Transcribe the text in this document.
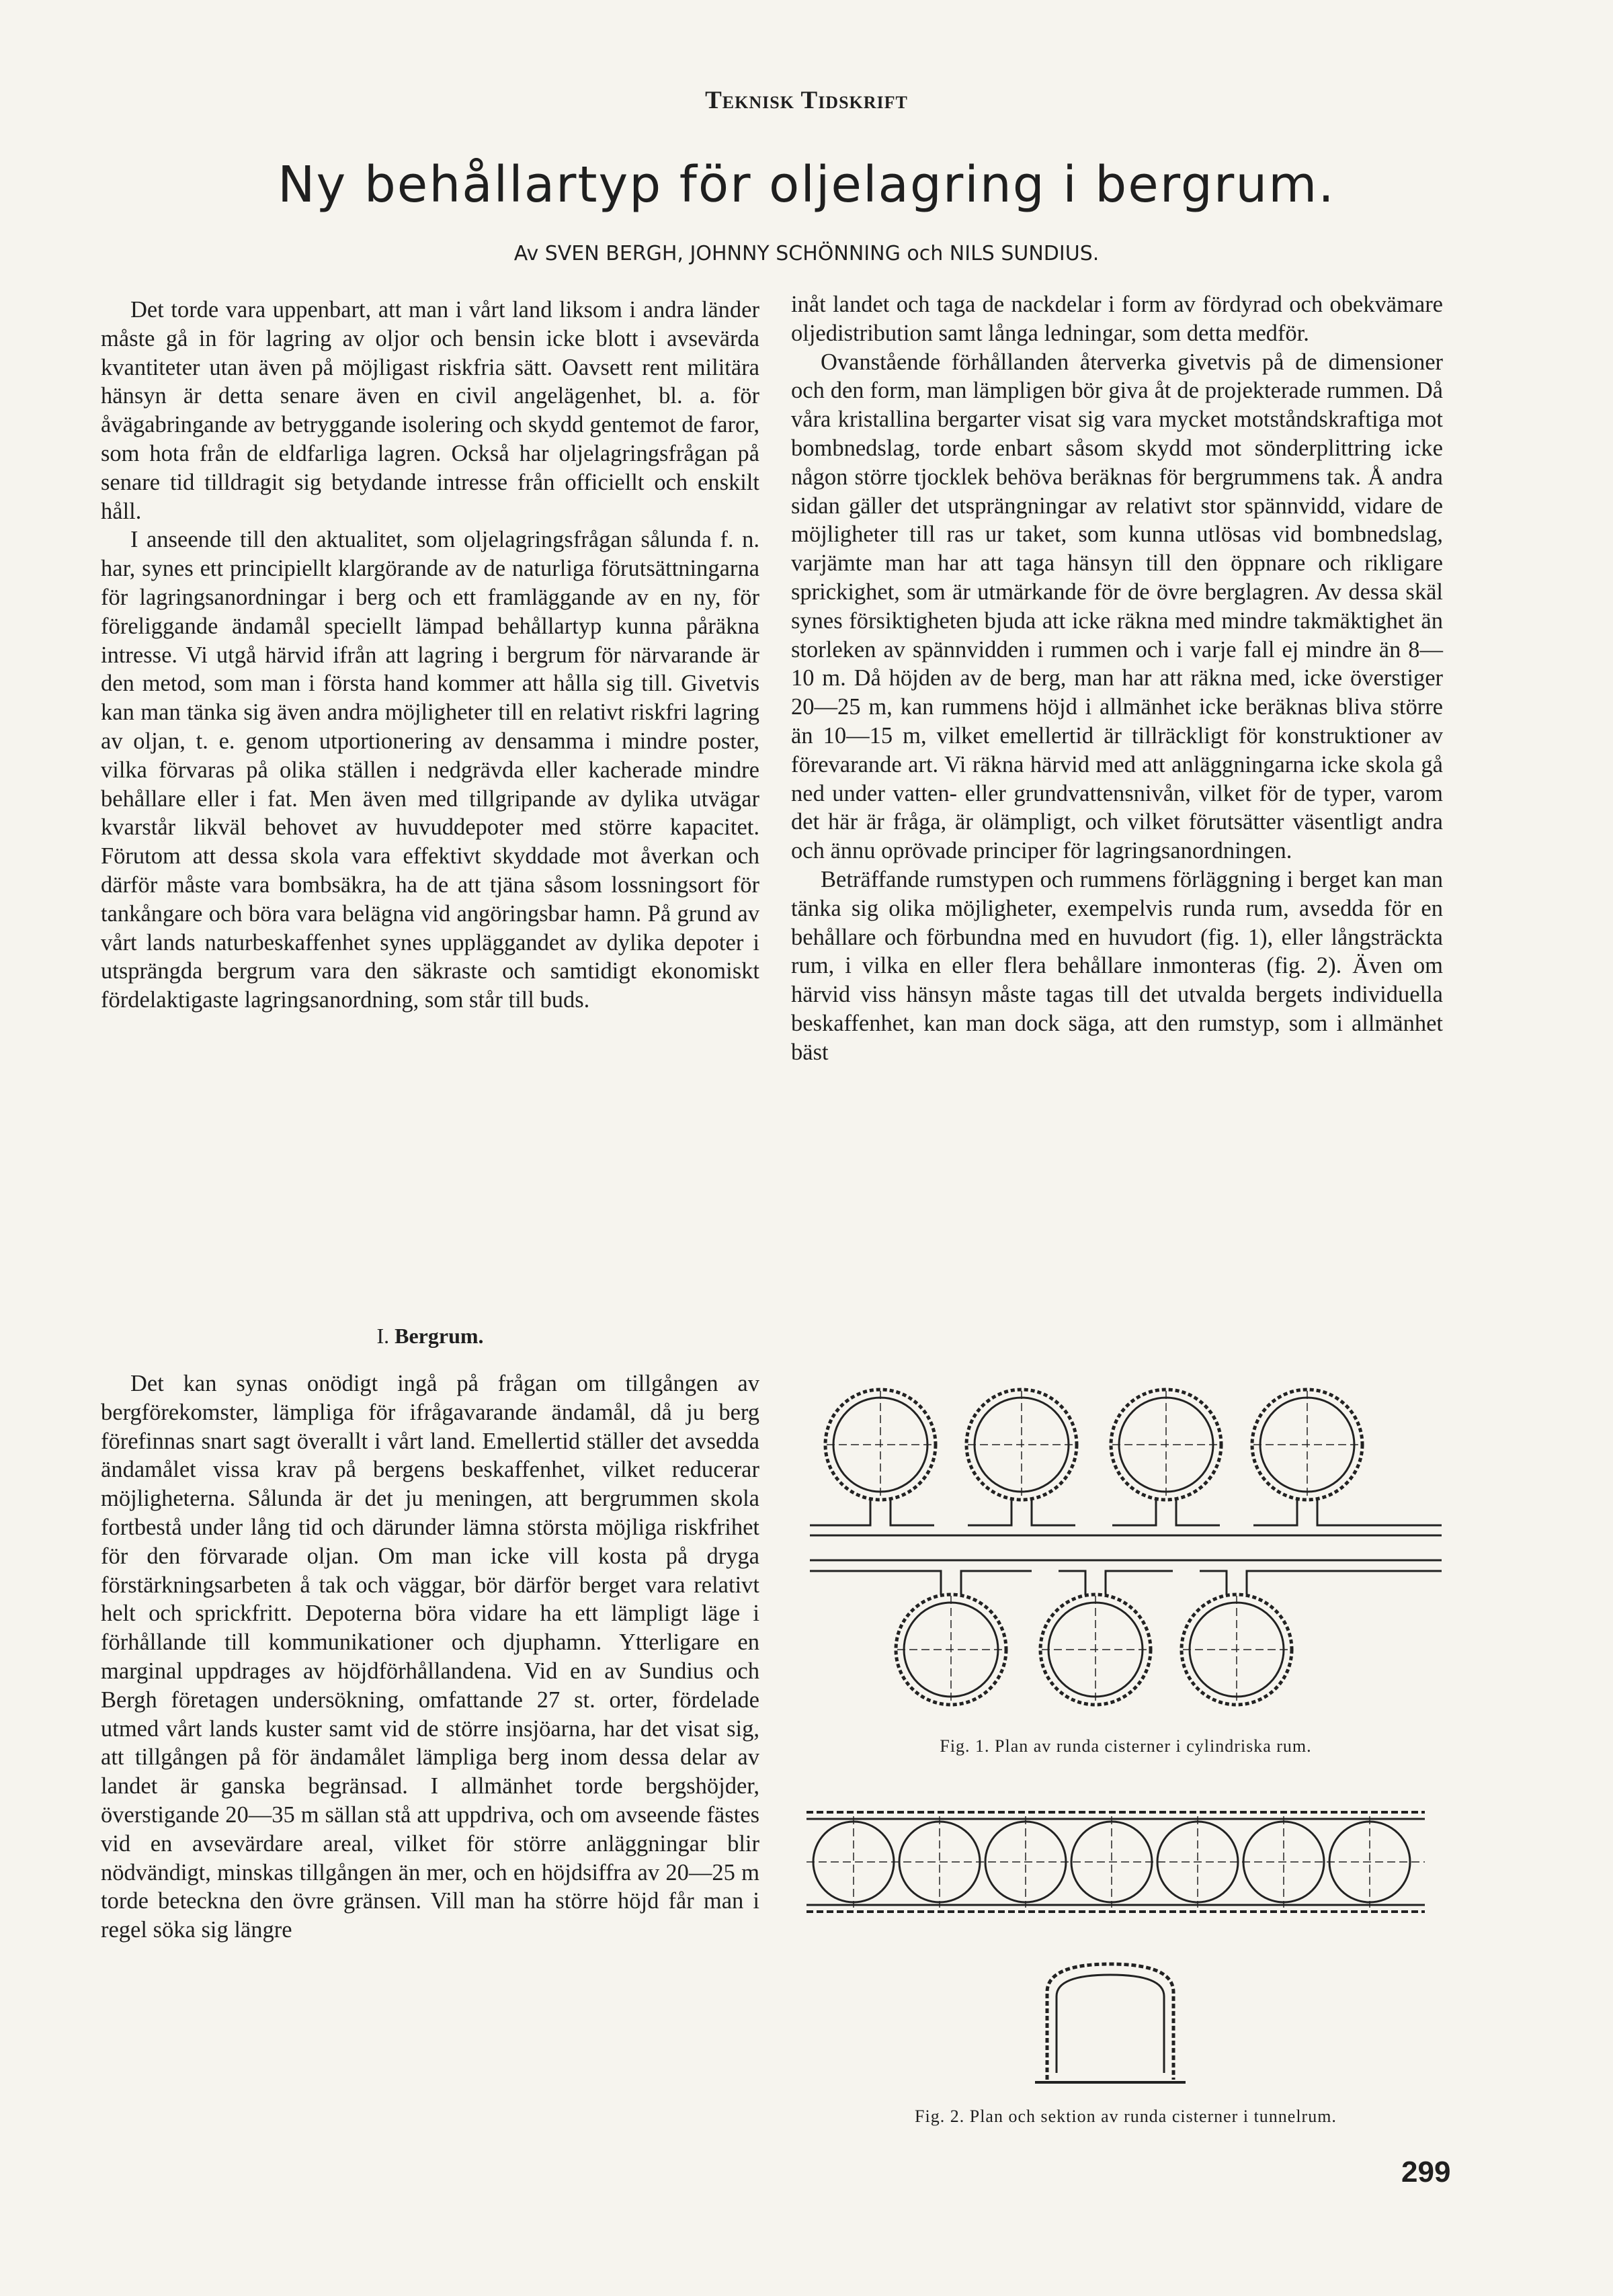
Teknisk Tidskrift
Ny behållartyp för oljelagring i bergrum.
Av SVEN BERGH, JOHNNY SCHÖNNING och NILS SUNDIUS.

Det torde vara uppenbart, att man i vårt land liksom i andra länder måste gå in för lagring av oljor och bensin icke blott i avsevärda kvantiteter utan även på möjligast riskfria sätt. Oavsett rent militära hänsyn är detta senare även en civil angelägenhet, bl. a. för åvägabringande av betryggande isolering och skydd gentemot de faror, som hota från de eldfarliga lagren. Också har oljelagringsfrågan på senare tid tilldragit sig betydande intresse från officiellt och enskilt håll.

I anseende till den aktualitet, som oljelagringsfrågan sålunda f. n. har, synes ett principiellt klargörande av de naturliga förutsättningarna för lagringsanordningar i berg och ett framläggande av en ny, för föreliggande ändamål speciellt lämpad behållartyp kunna påräkna intresse. Vi utgå härvid ifrån att lagring i bergrum för närvarande är den metod, som man i första hand kommer att hålla sig till. Givetvis kan man tänka sig även andra möjligheter till en relativt riskfri lagring av oljan, t. e. genom utportionering av densamma i mindre poster, vilka förvaras på olika ställen i nedgrävda eller kacherade mindre behållare eller i fat. Men även med tillgripande av dylika utvägar kvarstår likväl behovet av huvuddepoter med större kapacitet. Förutom att dessa skola vara effektivt skyddade mot åverkan och därför måste vara bombsäkra, ha de att tjäna såsom lossningsort för tankångare och böra vara belägna vid angöringsbar hamn. På grund av vårt lands naturbeskaffenhet synes uppläggandet av dylika depoter i utsprängda bergrum vara den säkraste och samtidigt ekonomiskt fördelaktigaste lagringsanordning, som står till buds.

I. Bergrum.

Det kan synas onödigt ingå på frågan om tillgången av bergförekomster, lämpliga för ifrågavarande ändamål, då ju berg förefinnas snart sagt överallt i vårt land. Emellertid ställer det avsedda ändamålet vissa krav på bergens beskaffenhet, vilket reducerar möjligheterna. Sålunda är det ju meningen, att bergrummen skola fortbestå under lång tid och därunder lämna största möjliga riskfrihet för den förvarade oljan. Om man icke vill kosta på dryga förstärkningsarbeten å tak och väggar, bör därför berget vara relativt helt och sprickfritt. Depoterna böra vidare ha ett lämpligt läge i förhållande till kommunikationer och djuphamn. Ytterligare en marginal uppdrages av höjdförhållandena. Vid en av Sundius och Bergh företagen undersökning, omfattande 27 st. orter, fördelade utmed vårt lands kuster samt vid de större insjöarna, har det visat sig, att tillgången på för ändamålet lämpliga berg inom dessa delar av landet är ganska begränsad. I allmänhet torde bergshöjder, överstigande 20—35 m sällan stå att uppdriva, och om avseende fästes vid en avsevärdare areal, vilket för större anläggningar blir nödvändigt, minskas tillgången än mer, och en höjdsiffra av 20—25 m torde beteckna den övre gränsen. Vill man ha större höjd får man i regel söka sig längre

inåt landet och taga de nackdelar i form av fördyrad och obekvämare oljedistribution samt långa ledningar, som detta medför.

Ovanstående förhållanden återverka givetvis på de dimensioner och den form, man lämpligen bör giva åt de projekterade rummen. Då våra kristallina bergarter visat sig vara mycket motståndskraftiga mot bombnedslag, torde enbart såsom skydd mot sönderplittring icke någon större tjocklek behöva beräknas för bergrummens tak. Å andra sidan gäller det utsprängningar av relativt stor spännvidd, vidare de möjligheter till ras ur taket, som kunna utlösas vid bombnedslag, varjämte man har att taga hänsyn till den öppnare och rikligare sprickighet, som är utmärkande för de övre berglagren. Av dessa skäl synes försiktigheten bjuda att icke räkna med mindre takmäktighet än storleken av spännvidden i rummen och i varje fall ej mindre än 8—10 m. Då höjden av de berg, man har att räkna med, icke överstiger 20—25 m, kan rummens höjd i allmänhet icke beräknas bliva större än 10—15 m, vilket emellertid är tillräckligt för konstruktioner av förevarande art. Vi räkna härvid med att anläggningarna icke skola gå ned under vatten- eller grundvattensnivån, vilket för de typer, varom det här är fråga, är olämpligt, och vilket förutsätter väsentligt andra och ännu oprövade principer för lagringsanordningen.

Beträffande rumstypen och rummens förläggning i berget kan man tänka sig olika möjligheter, exempelvis runda rum, avsedda för en behållare och förbundna med en huvudort (fig. 1), eller långsträckta rum, i vilka en eller flera behållare inmonteras (fig. 2). Även om härvid viss hänsyn måste tagas till det utvalda bergets individuella beskaffenhet, kan man dock säga, att den rumstyp, som i allmänhet bäst

Fig. 1. Plan av runda cisterner i cylindriska rum.
Fig. 2. Plan och sektion av runda cisterner i tunnelrum.
299
